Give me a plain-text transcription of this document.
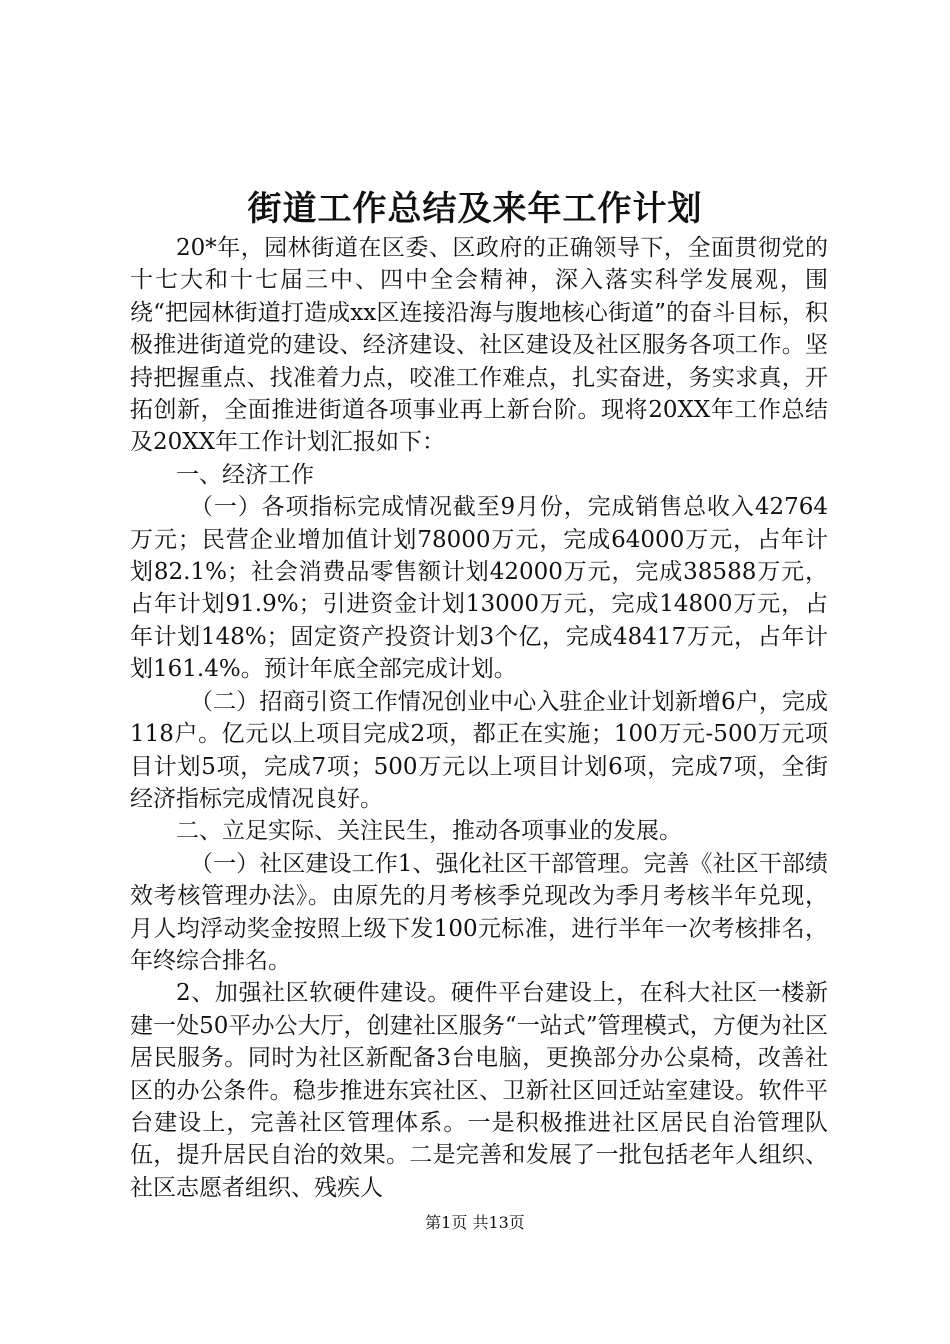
街道工作总结及来年工作计划

20*年，园林街道在区委、区政府的正确领导下，全面贯彻党的十七大和十七届三中、四中全会精神，深入落实科学发展观，围绕“把园林街道打造成xx区连接沿海与腹地核心街道”的奋斗目标，积极推进街道党的建设、经济建设、社区建设及社区服务各项工作。坚持把握重点、找准着力点，咬准工作难点，扎实奋进，务实求真，开拓创新，全面推进街道各项事业再上新台阶。现将20XX年工作总结及20XX年工作计划汇报如下：

一、经济工作

（一）各项指标完成情况截至9月份，完成销售总收入42764万元；民营企业增加值计划78000万元，完成64000万元，占年计划82.1%；社会消费品零售额计划42000万元，完成38588万元，占年计划91.9%；引进资金计划13000万元，完成14800万元，占年计划148%；固定资产投资计划3个亿，完成48417万元，占年计划161.4%。预计年底全部完成计划。

（二）招商引资工作情况创业中心入驻企业计划新增6户，完成118户。亿元以上项目完成2项，都正在实施；100万元-500万元项目计划5项，完成7项；500万元以上项目计划6项，完成7项，全街经济指标完成情况良好。

二、立足实际、关注民生，推动各项事业的发展。

（一）社区建设工作1、强化社区干部管理。完善《社区干部绩效考核管理办法》。由原先的月考核季兑现改为季月考核半年兑现，月人均浮动奖金按照上级下发100元标准，进行半年一次考核排名，年终综合排名。

2、加强社区软硬件建设。硬件平台建设上，在科大社区一楼新建一处50平办公大厅，创建社区服务“一站式”管理模式，方便为社区居民服务。同时为社区新配备3台电脑，更换部分办公桌椅，改善社区的办公条件。稳步推进东宾社区、卫新社区回迁站室建设。软件平台建设上，完善社区管理体系。一是积极推进社区居民自治管理队伍，提升居民自治的效果。二是完善和发展了一批包括老年人组织、社区志愿者组织、残疾人

第1页 共13页
